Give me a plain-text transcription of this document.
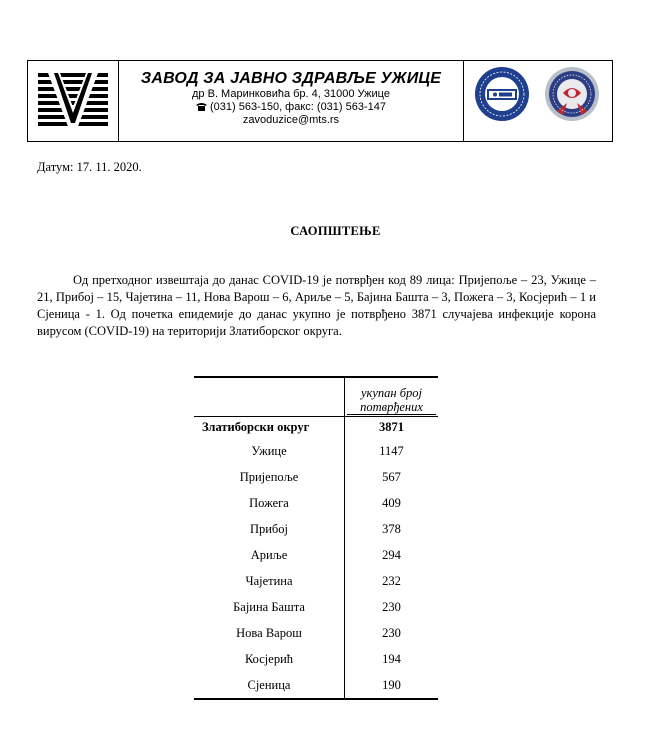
ЗАВОД ЗА ЈАВНО ЗДРАВЉЕ УЖИЦЕ
др В. Маринковића бр. 4, 31000 Ужице
(031) 563-150, факс: (031) 563-147
zavoduzice@mts.rs
Датум: 17. 11. 2020.
САОПШТЕЊЕ
Од претходног извештаја до данас COVID-19 је потврђен код 89 лица: Пријепоље – 23, Ужице – 21, Прибој – 15, Чајетина – 11, Нова Варош – 6, Ариље – 5, Бајина Башта – 3, Пожега – 3, Косјерић – 1 и Сјеница - 1. Од почетка епидемије до данас укупно је потврђено 3871 случајева инфекције корона вирусом (COVID-19) на територији Златиборског округа.

	укупан број
потврђених

Златиборски округ	3871
Ужице	1147
Пријепоље	567
Пожега	409
Прибој	378
Ариље	294
Чајетина	232
Бајина Башта	230
Нова Варош	230
Косјерић	194
Сјеница	190
